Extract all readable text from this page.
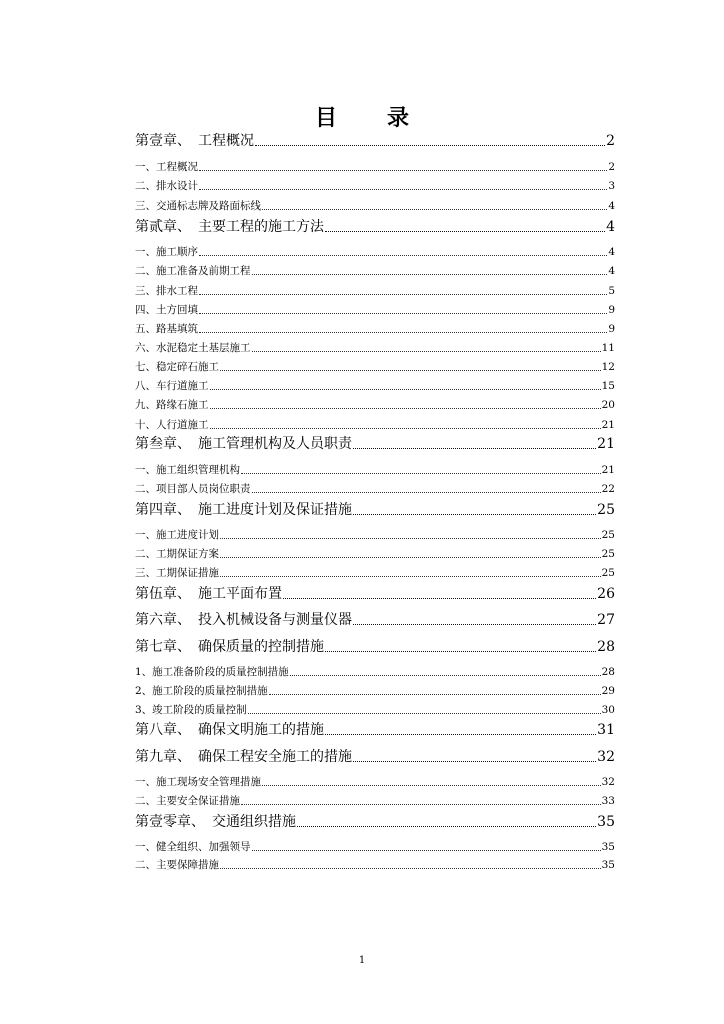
目　录
第壹章、　工程概况	2
一、工程概况	2
二、排水设计	3
三、交通标志牌及路面标线	4
第贰章、　主要工程的施工方法	4
一、施工顺序	4
二、施工准备及前期工程	4
三、排水工程	5
四、土方回填	9
五、路基填筑	9
六、水泥稳定土基层施工	11
七、稳定碎石施工	12
八、车行道施工	15
九、路缘石施工	20
十、人行道施工	21
第叁章、　施工管理机构及人员职责	21
一、施工组织管理机构	21
二、项目部人员岗位职责	22
第四章、　施工进度计划及保证措施	25
一、施工进度计划	25
二、工期保证方案	25
三、工期保证措施	25
第伍章、　施工平面布置	26
第六章、　投入机械设备与测量仪器	27
第七章、　确保质量的控制措施	28
1、施工准备阶段的质量控制措施	28
2、施工阶段的质量控制措施	29
3、竣工阶段的质量控制	30
第八章、　确保文明施工的措施	31
第九章、　确保工程安全施工的措施	32
一、施工现场安全管理措施	32
二、主要安全保证措施	33
第壹零章、　交通组织措施	35
一、健全组织、加强领导	35
二、主要保障措施	35
1
